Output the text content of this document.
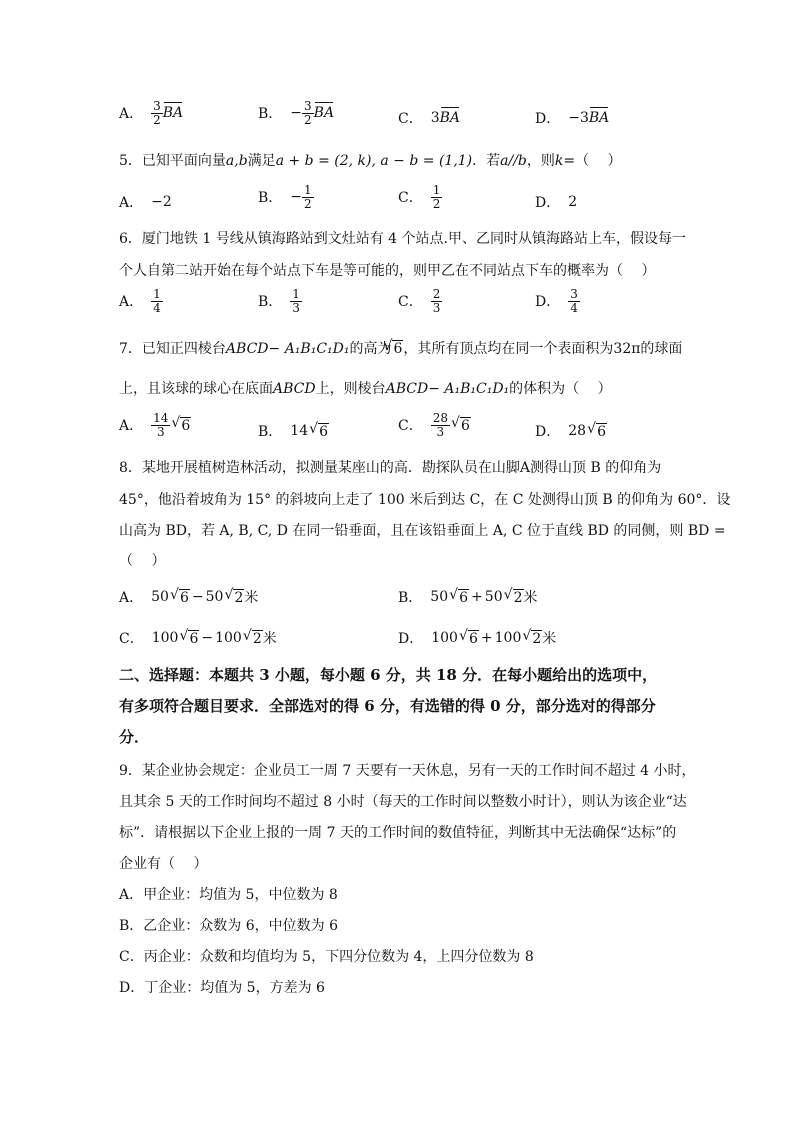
A． $\frac{3}{2}$ BA	B． − $\frac{3}{2}$ BA	C． 3 BA	D． −3 BA
5．已知平面向量a,b满足a + b = (2, k), a − b = (1,1)．若a//b，则k=（　 ）
A． −2	B． − $\frac{1}{2}$	C． $\frac{1}{2}$	D． 2
6．厦门地铁 1 号线从镇海路站到文灶站有 4 个站点.甲、乙同时从镇海路站上车，假设每一
个人自第二站开始在每个站点下车是等可能的，则甲乙在不同站点下车的概率为（　 ）
A． $\frac{1}{4}$	B． $\frac{1}{3}$	C． $\frac{2}{3}$	D． $\frac{3}{4}$
7．已知正四棱台ABCD− A₁B₁C₁D₁的高为 √ 6，其所有顶点均在同一个表面积为32π的球面
上，且该球的球心在底面ABCD上，则棱台ABCD− A₁B₁C₁D₁的体积为（　 ）
A． $\frac{14}{3}$ √ 6	B． 14 √ 6	C． $\frac{28}{3}$ √ 6	D． 28 √ 6
8．某地开展植树造林活动，拟测量某座山的高．勘探队员在山脚A测得山顶 B 的仰角为
45°，他沿着坡角为 15° 的斜坡向上走了 100 米后到达 C，在 C 处测得山顶 B 的仰角为 60°．设
山高为 BD，若 A, B, C, D 在同一铅垂面，且在该铅垂面上 A, C 位于直线 BD 的同侧，则 BD =
（　 ）
A． 50 √ 6 − 50 √ 2 米	B． 50 √ 6 + 50 √ 2 米
C． 100 √ 6 − 100 √ 2 米	D． 100 √ 6 + 100 √ 2 米
二、选择题：本题共 3 小题，每小题 6 分，共 18 分．在每小题给出的选项中，
有多项符合题目要求．全部选对的得 6 分，有选错的得 0 分，部分选对的得部分
分．
9．某企业协会规定：企业员工一周 7 天要有一天休息，另有一天的工作时间不超过 4 小时，
且其余 5 天的工作时间均不超过 8 小时（每天的工作时间以整数小时计），则认为该企业“达
标”．请根据以下企业上报的一周 7 天的工作时间的数值特征，判断其中无法确保“达标”的
企业有（　 ）
A．甲企业：均值为 5，中位数为 8
B．乙企业：众数为 6，中位数为 6
C．丙企业：众数和均值均为 5，下四分位数为 4，上四分位数为 8
D．丁企业：均值为 5，方差为 6
